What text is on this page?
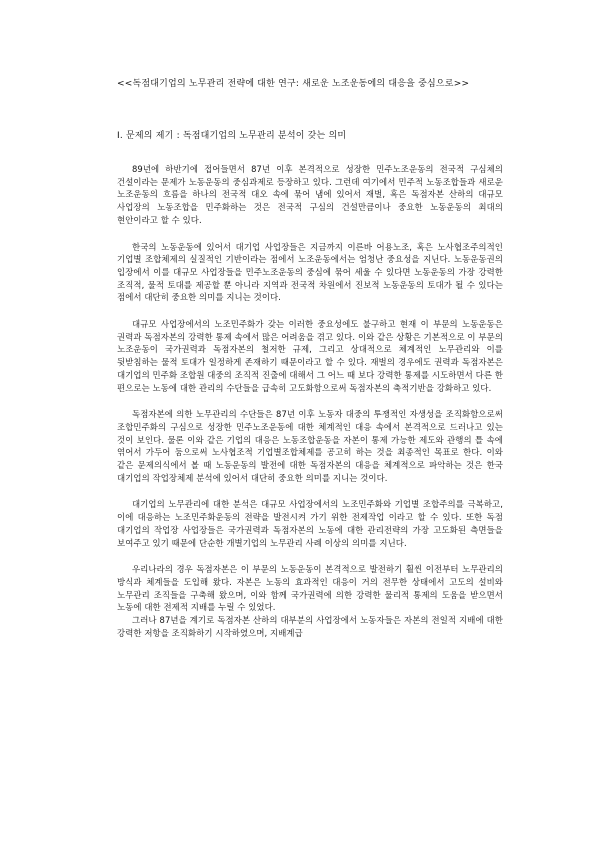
<<독점대기업의 노무관리 전략에 대한 연구: 새로운 노조운동에의 대응을 중심으로>>
I. 문제의 제기 : 독점대기업의 노무관리 분석이 갖는 의미

89년에 하반기에 접어들면서 87년 이후 본격적으로 성장한 민주노조운동의 전국적 구심체의 건설이라는 문제가 노동운동의 중심과제로 등장하고 있다. 그런데 여기에서 민주적 노동조합들과 새로운 노조운동의 흐름을 하나의 전국적 대오 속에 묶어 냄에 있어서 재벌, 혹은 독점자본 산하의 대규모 사업장의 노동조합을 민주화하는 것은 전국적 구심의 건설만큼이나 중요한 노동운동의 최대의 현안이라고 할 수 있다.

한국의 노동운동에 있어서 대기업 사업장들은 지금까지 이른바 어용노조, 혹은 노사협조주의적인 기업별 조합체제의 실질적인 기반이라는 점에서 노조운동에서는 엄청난 중요성을 지닌다. 노동운동권의 입장에서 이를 대규모 사업장들을 민주노조운동의 중심에 묶어 세울 수 있다면 노동운동의 가장 강력한 조직적, 물적 토대를 제공할 뿐 아니라 지역과 전국적 차원에서 진보적 노동운동의 토대가 될 수 있다는 점에서 대단히 중요한 의미를 지니는 것이다.

대규모 사업장에서의 노조민주화가 갖는 이러한 중요성에도 불구하고 현재 이 부문의 노동운동은 권력과 독점자본의 강력한 통제 속에서 많은 어려움을 겪고 있다. 이와 같은 상황은 기본적으로 이 부문의 노조운동이 국가권력과 독점자본의 철저한 규제, 그리고 상대적으로 체계적인 노무관리와 이를 뒷받침하는 물적 토대가 일정하게 존재하기 때문이라고 할 수 있다. 재벌의 경우에도 권력과 독점자본은 대기업의 민주화 조합원 대중의 조직적 진출에 대해서 그 어느 때 보다 강력한 통제를 시도하면서 다른 한 편으로는 노동에 대한 관리의 수단들을 급속히 고도화함으로써 독점자본의 축적기반을 강화하고 있다.

독점자본에 의한 노무관리의 수단들은 87년 이후 노동자 대중의 투쟁적인 자생성을 조직화함으로써 조합민주화의 구심으로 성장한 민주노조운동에 대한 체계적인 대응 속에서 본격적으로 드러나고 있는 것이 보인다. 물론 이와 같은 기업의 대응은 노동조합운동을 자본이 통제 가능한 제도와 관행의 틀 속에 엮어서 가두어 둠으로써 노사협조적 기업별조합체제를 공고히 하는 것을 최종적인 목표로 한다. 이와 같은 문제의식에서 볼 때 노동운동의 발전에 대한 독점자본의 대응을 체계적으로 파악하는 것은 한국 대기업의 작업장체제 분석에 있어서 대단히 중요한 의미를 지니는 것이다.

대기업의 노무관리에 대한 분석은 대규모 사업장에서의 노조민주화와 기업별 조합주의를 극복하고, 이에 대응하는 노조민주화운동의 전략을 발전시켜 가기 위한 전제작업 이라고 할 수 있다. 또한 독점 대기업의 작업장 사업장들은 국가권력과 독점자본의 노동에 대한 관리전략의 가장 고도화된 측면들을 보여주고 있기 때문에 단순한 개별기업의 노무관리 사례 이상의 의미를 지닌다.

우리나라의 경우 독점자본은 이 부문의 노동운동이 본격적으로 발전하기 훨씬 이전부터 노무관리의 방식과 체계들을 도입해 왔다. 자본은 노동의 효과적인 대응이 거의 전무한 상태에서 고도의 설비와 노무관리 조직들을 구축해 왔으며, 이와 함께 국가권력에 의한 강력한 물리적 통제의 도움을 받으면서 노동에 대한 전제적 지배를 누릴 수 있었다.

그러나 87년을 계기로 독점자본 산하의 대부분의 사업장에서 노동자들은 자본의 전일적 지배에 대한 강력한 저항을 조직화하기 시작하였으며, 지배계급
